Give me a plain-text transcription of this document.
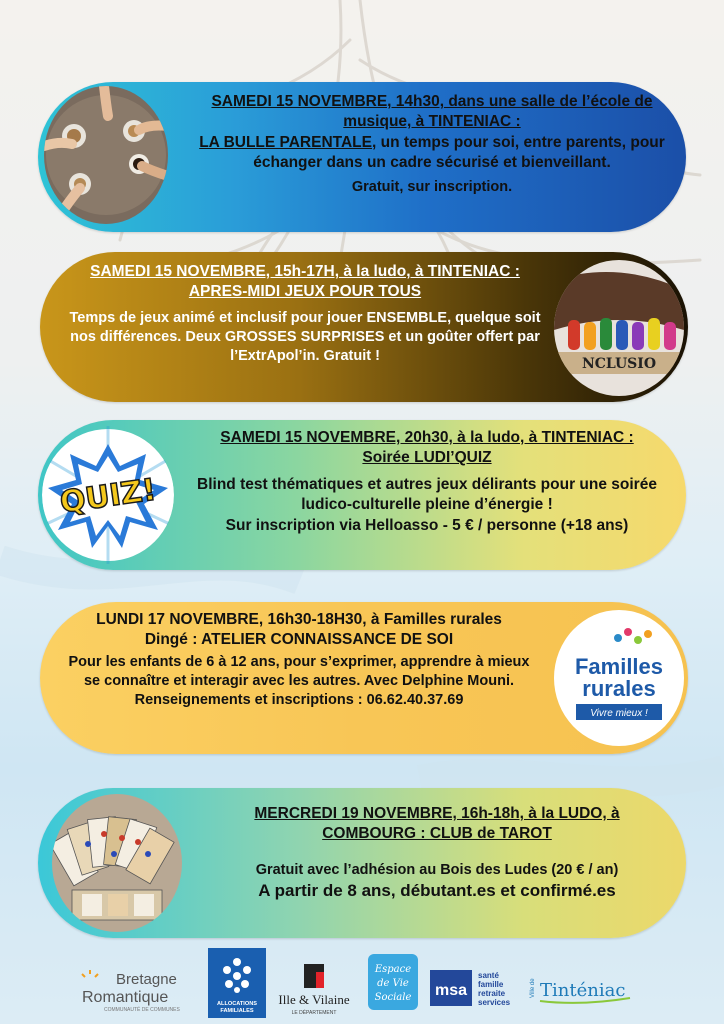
SAMEDI 15 NOVEMBRE, 14h30, dans une salle de l’école de
musique, à TINTENIAC :
LA BULLE PARENTALE, un temps pour soi, entre parents, pour
échanger dans un cadre sécurisé et bienveillant.
Gratuit, sur inscription.
SAMEDI 15 NOVEMBRE, 15h-17H, à la ludo, à TINTENIAC :
APRES-MIDI JEUX POUR TOUS
Temps de jeux animé et inclusif pour jouer ENSEMBLE, quelque soit
nos différences. Deux GROSSES SURPRISES et un goûter offert par
l’ExtrApol’in. Gratuit !	NCLUSIO
SAMEDI 15 NOVEMBRE, 20h30, à la ludo, à TINTENIAC :
Soirée LUDI’QUIZ
Blind test thématiques et autres jeux délirants pour une soirée
ludico-culturelle pleine d’énergie !
Sur inscription via Helloasso - 5 € / personne (+18 ans)
QUIZ!
LUNDI 17 NOVEMBRE, 16h30-18H30, à Familles rurales
Dingé : ATELIER CONNAISSANCE DE SOI
Pour les enfants de 6 à 12 ans, pour s’exprimer, apprendre à mieux
se connaître et interagir avec les autres. Avec Delphine Mouni.
Renseignements et inscriptions : 06.62.40.37.69
Familles
rurales
Vivre mieux !
MERCREDI 19 NOVEMBRE, 16h-18h, à la LUDO, à
COMBOURG : CLUB de TAROT
Gratuit avec l’adhésion au Bois des Ludes (20 € / an)
A partir de 8 ans, débutant.es et confirmé.es
Bretagne
Romantique
COMMUNAUTÉ DE COMMUNES
ALLOCATIONS
FAMILIALES
Ille & Vilaine
LE DÉPARTEMENT
Espace
de Vie
Sociale msa
santé
famille
retraite
services
Ville de Tinténiac
